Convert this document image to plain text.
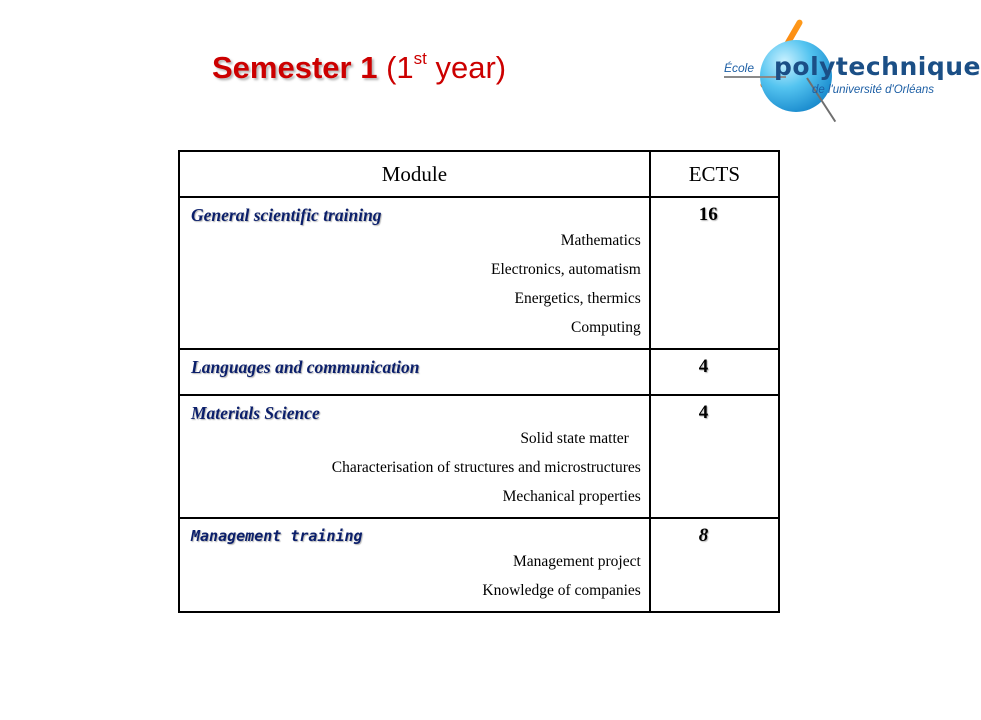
Semester 1 (1st year)	École polytechnique
de l'université d'Orléans
Module	ECTS

General scientific training
Mathematics
Electronics, automatism
Energetics, thermics
Computing	16

Languages and communication	4

Materials Science
Solid state matter
Characterisation of structures and microstructures
Mechanical properties	4

Management training
Management project
Knowledge of companies	8
